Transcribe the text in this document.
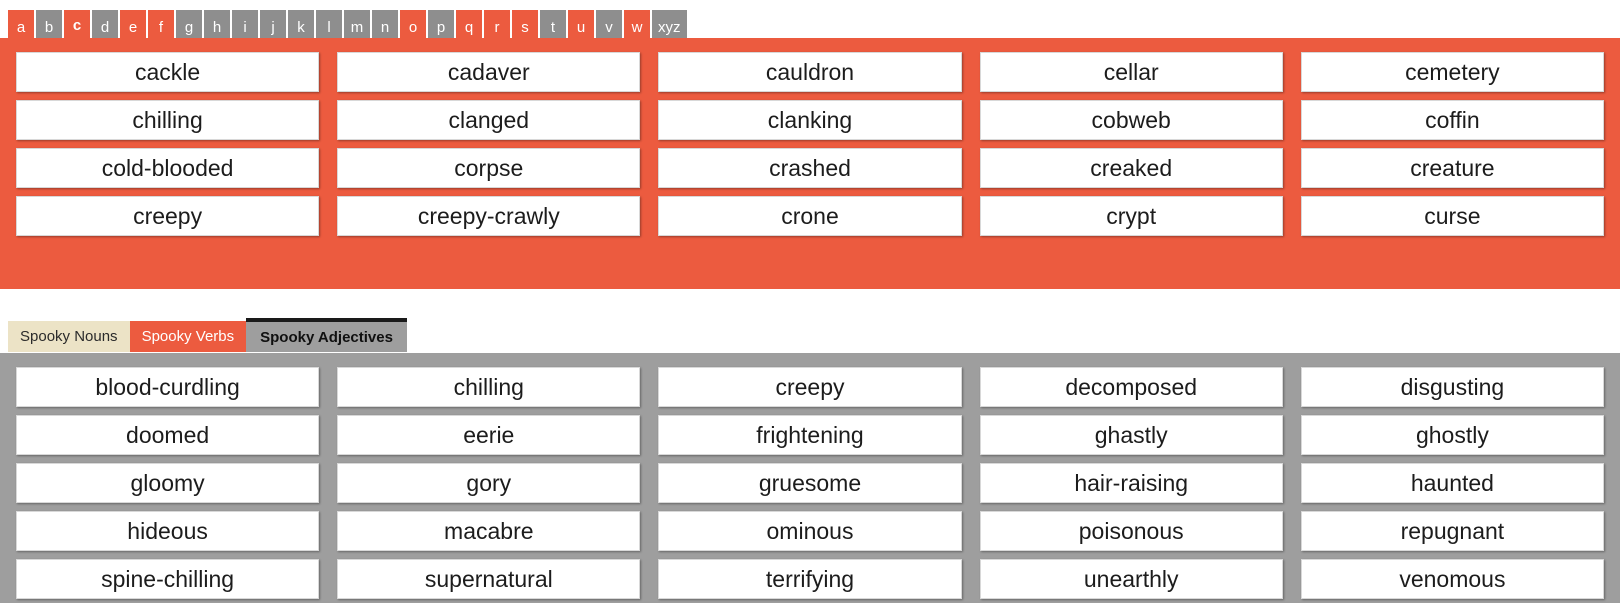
a	b	c	d	e	f	g	h	i	j	k	l	m	n	o	p	q	r	s	t	u	v	w	xyz
cackle	cadaver	cauldron	cellar	cemetery
chilling	clanged	clanking	cobweb	coffin
cold-blooded	corpse	crashed	creaked	creature
creepy	creepy-crawly	crone	crypt	curse
Spooky Nouns	Spooky Verbs	Spooky Adjectives
blood-curdling	chilling	creepy	decomposed	disgusting
doomed	eerie	frightening	ghastly	ghostly
gloomy	gory	gruesome	hair-raising	haunted
hideous	macabre	ominous	poisonous	repugnant
spine-chilling	supernatural	terrifying	unearthly	venomous
